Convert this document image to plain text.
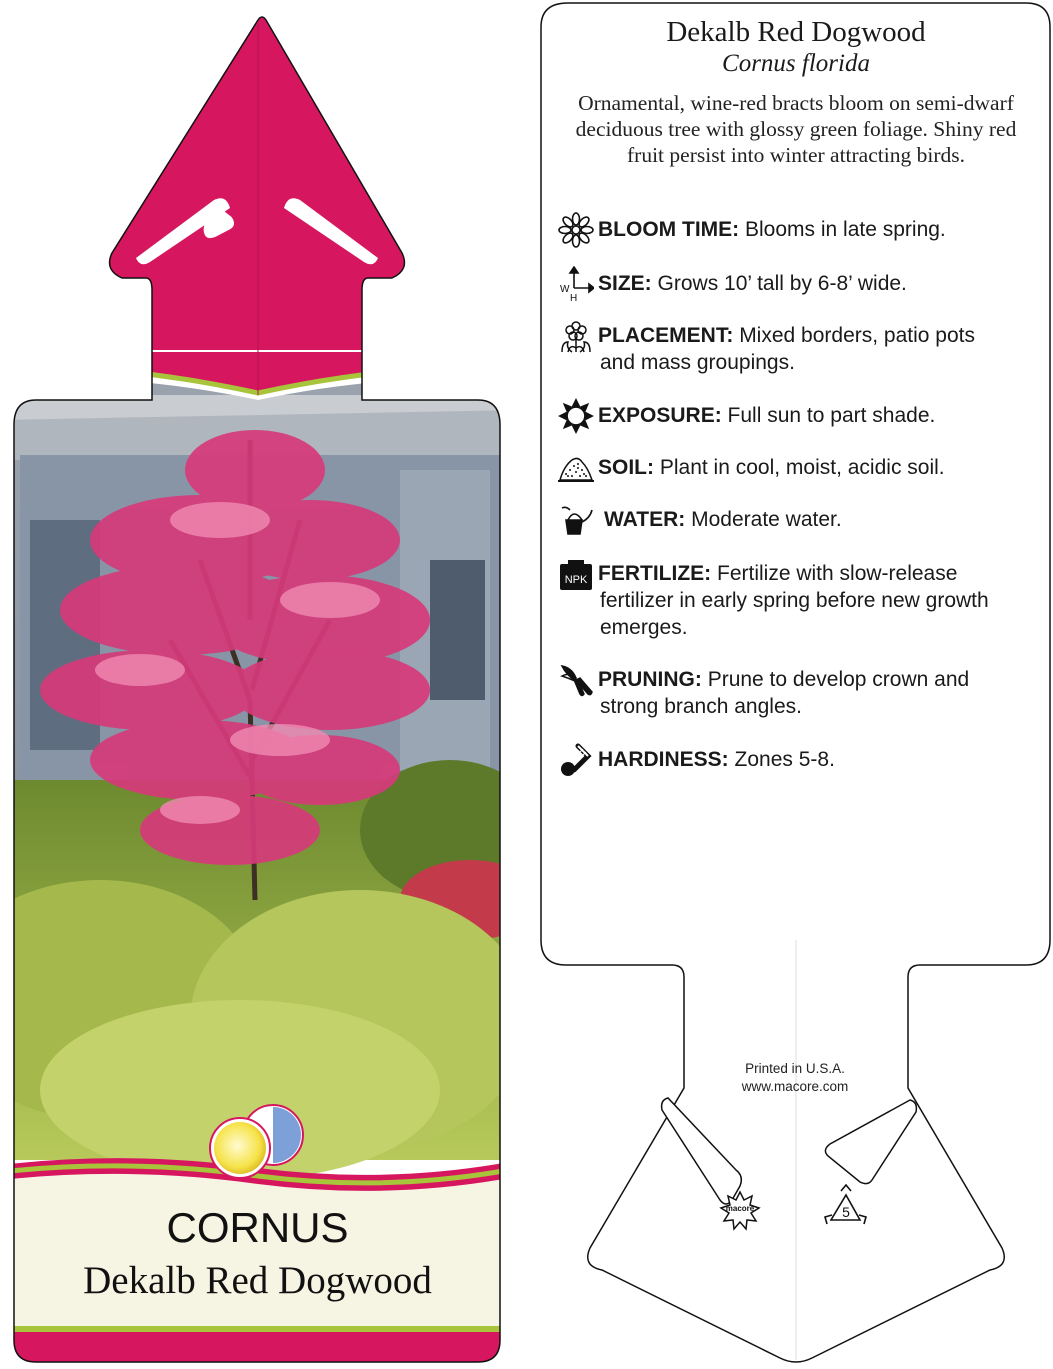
CORNUS
Dekalb Red Dogwood
Dekalb Red Dogwood
Cornus florida
Ornamental, wine-red bracts bloom on semi-dwarf deciduous tree with glossy green foliage. Shiny red fruit persist into winter attracting birds.
BLOOM TIME: Blooms in late spring.
W
H
SIZE: Grows 10’ tall by 6-8’ wide.
PLACEMENT: Mixed borders, patio pots
and mass groupings.
EXPOSURE: Full sun to part shade.
SOIL: Plant in cool, moist, acidic soil.
WATER: Moderate water.
NPK FERTILIZE: Fertilize with slow-release
fertilizer in early spring before new growth
emerges.
PRUNING: Prune to develop crown and
strong branch angles.
HARDINESS: Zones 5-8.
Printed in U.S.A.
www.macore.com
macore	5
